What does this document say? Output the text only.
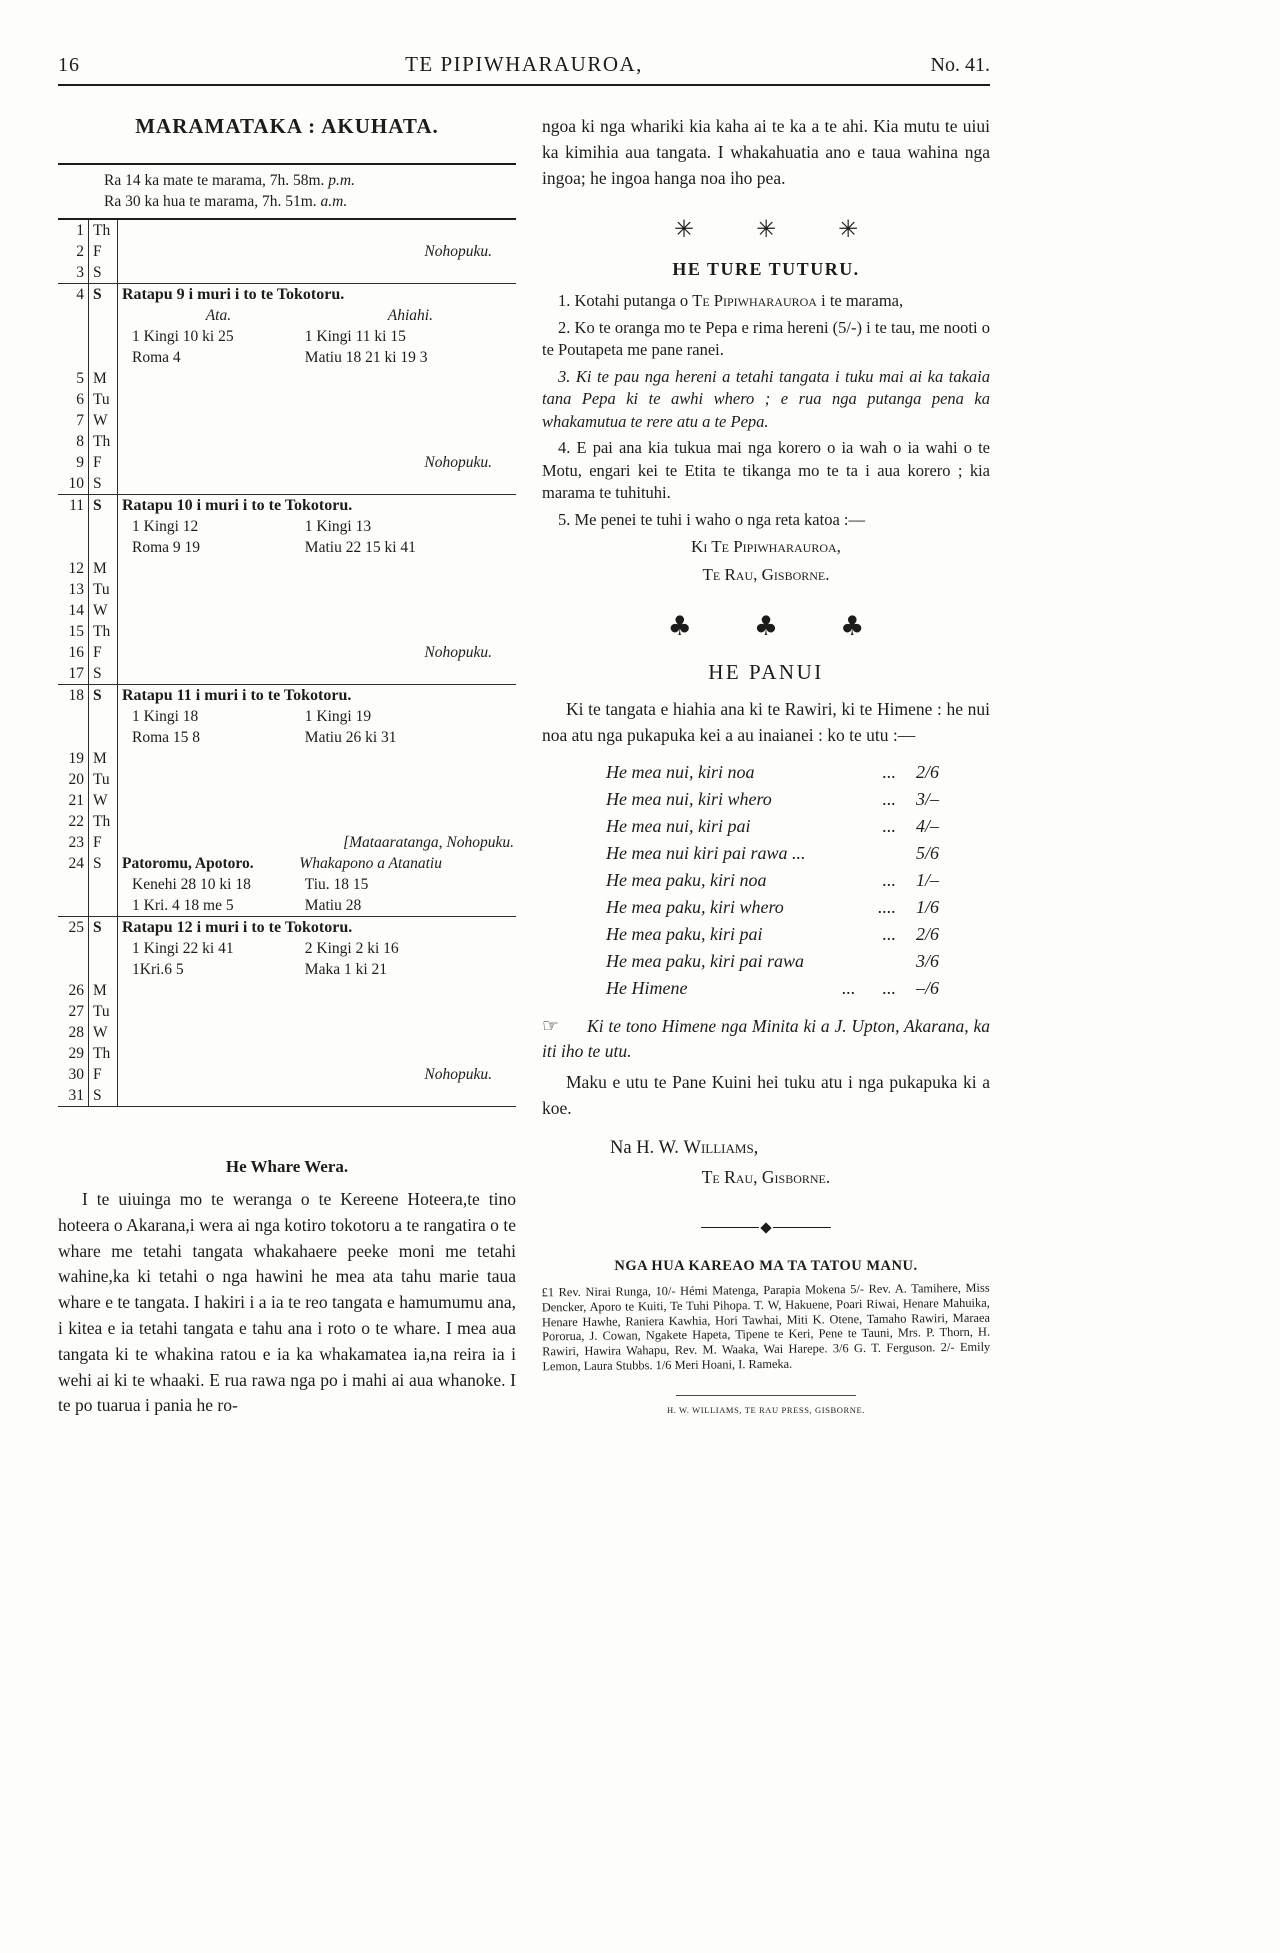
16	TE PIPIWHARAUROA,	No. 41.
MARAMATAKA : AKUHATA.
Ra 14 ka mate te marama, 7h. 58m. p.m.
Ra 30 ka hua te marama, 7h. 51m. a.m.
1 Th
2 F	Nohopuku.
3 S
4 S	Ratapu 9 i muri i to te Tokotoru.
Ata.	Ahiahi.
1 Kingi 10 ki 25	1 Kingi 11 ki 15
Roma 4	Matiu 18 21 ki 19 3
5 M
6 Tu
7 W
8 Th
9 F	Nohopuku.
10 S
11 S	Ratapu 10 i muri i to te Tokotoru.
1 Kingi 12	1 Kingi 13
Roma 9 19	Matiu 22 15 ki 41
12 M
13 Tu
14 W
15 Th
16 F	Nohopuku.
17 S
18 S	Ratapu 11 i muri i to te Tokotoru.
1 Kingi 18	1 Kingi 19
Roma 15 8	Matiu 26 ki 31
19 M
20 Tu
21 W
22 Th
23 F	[Mataaratanga, Nohopuku.
24 S	Patoromu, Apotoro.	Whakapono a Atanatiu
Kenehi 28 10 ki 18	Tiu. 18 15
1 Kri. 4 18 me 5	Matiu 28
25 S	Ratapu 12 i muri i to te Tokotoru.
1 Kingi 22 ki 41	2 Kingi 2 ki 16
1Kri.6 5	Maka 1 ki 21
26 M
27 Tu
28 W
29 Th
30 F	Nohopuku.
31 S
He Whare Wera.

I te uiuinga mo te weranga o te Kereene Hoteera,te tino hoteera o Akarana,i wera ai nga kotiro tokotoru a te rangatira o te whare me tetahi tangata whakahaere peeke moni me tetahi wahine,ka ki tetahi o nga hawini he mea ata tahu marie taua whare e te tangata. I hakiri i a ia te reo tangata e hamumumu ana, i kitea e ia tetahi tangata e tahu ana i roto o te whare. I mea aua tangata ki te whakina ratou e ia ka whakamatea ia,na reira ia i wehi ai ki te whaaki. E rua rawa nga po i mahi ai aua whanoke. I te po tuarua i pania he ro-

ngoa ki nga whariki kia kaha ai te ka a te ahi. Kia mutu te uiui ka kimihia aua tangata. I whakahuatia ano e taua wahina nga ingoa; he ingoa hanga noa iho pea.

✳	✳	✳
HE TURE TUTURU.

1. Kotahi putanga o Te Pipiwharauroa i te marama,

2. Ko te oranga mo te Pepa e rima hereni (5/-) i te tau, me nooti o te Poutapeta me pane ranei.

3. Ki te pau nga hereni a tetahi tangata i tuku mai ai ka takaia tana Pepa ki te awhi whero ; e rua nga putanga pena ka whakamutua te rere atu a te Pepa.

4. E pai ana kia tukua mai nga korero o ia wah o ia wahi o te Motu, engari kei te Etita te tikanga mo te ta i aua korero ; kia marama te tuhituhi.

5. Me penei te tuhi i waho o nga reta katoa :—

Ki Te Pipiwharauroa,

Te Rau, Gisborne.

♣ ♣ ♣
HE PANUI

Ki te tangata e hiahia ana ki te Rawiri, ki te Himene : he nui noa atu nga pukapuka kei a au inaianei : ko te utu :—

He mea nui, kiri noa	...	2/6
He mea nui, kiri whero	...	3/–
He mea nui, kiri pai	...	4/–
He mea nui kiri pai rawa ...	5/6
He mea paku, kiri noa	...	1/–
He mea paku, kiri whero	....	1/6
He mea paku, kiri pai	...	2/6
He mea paku, kiri pai rawa	3/6
He Himene	...      ...	–/6

☞ Ki te tono Himene nga Minita ki a J. Upton, Akarana, ka iti iho te utu.

Maku e utu te Pane Kuini hei tuku atu i nga pukapuka ki a koe.

Na H. W. Williams,

Te Rau, Gisborne.

NGA HUA KAREAO MA TA TATOU MANU.

£1 Rev. Nirai Runga, 10/- Hémi Matenga, Parapia Mokena 5/- Rev. A. Tamihere, Miss Dencker, Aporo te Kuiti, Te Tuhi Pihopa. T. W, Hakuene, Poari Riwai, Henare Mahuika, Henare Hawhe, Raniera Kawhia, Hori Tawhai, Miti K. Otene, Tamaho Rawiri, Maraea Pororua, J. Cowan, Ngakete Hapeta, Tipene te Keri, Pene te Tauni, Mrs. P. Thorn, H. Rawiri, Hawira Wahapu, Rev. M. Waaka, Wai Harepe. 3/6 G. T. Ferguson. 2/- Emily Lemon, Laura Stubbs. 1/6 Meri Hoani, I. Rameka.

H. W. WILLIAMS, TE RAU PRESS, GISBORNE.
